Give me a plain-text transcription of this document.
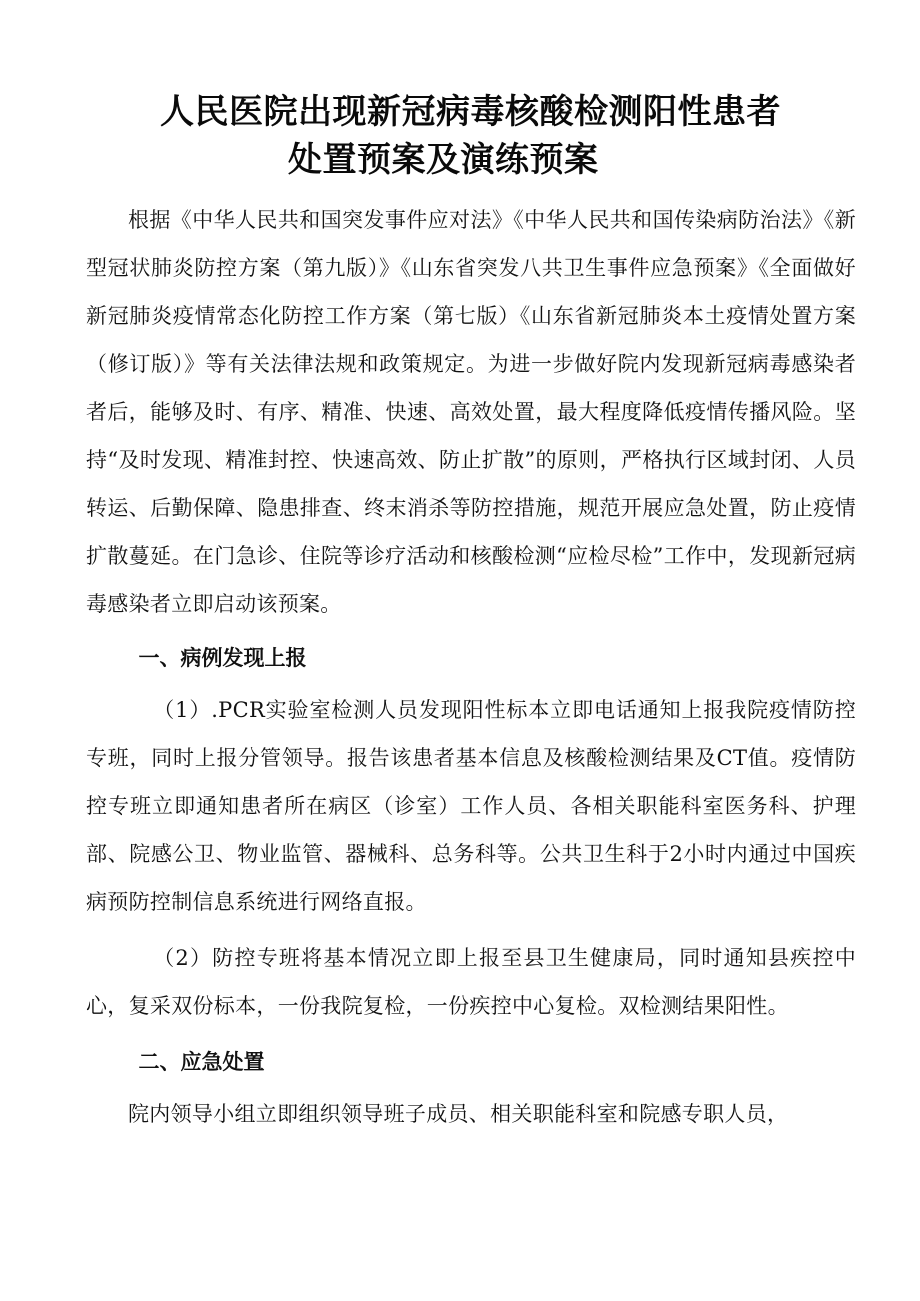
人民医院出现新冠病毒核酸检测阳性患者
处置预案及演练预案

根据《中华人民共和国突发事件应对法》《中华人民共和国传染病防治法》《新型冠状肺炎防控方案（第九版）》《山东省突发八共卫生事件应急预案》《全面做好新冠肺炎疫情常态化防控工作方案（第七版）《山东省新冠肺炎本土疫情处置方案（修订版）》等有关法律法规和政策规定。为进一步做好院内发现新冠病毒感染者者后，能够及时、有序、精准、快速、高效处置，最大程度降低疫情传播风险。坚持“及时发现、精准封控、快速高效、防止扩散”的原则，严格执行区域封闭、人员转运、后勤保障、隐患排查、终末消杀等防控措施，规范开展应急处置，防止疫情扩散蔓延。在门急诊、住院等诊疗活动和核酸检测“应检尽检”工作中，发现新冠病毒感染者立即启动该预案。

一、病例发现上报

（1）.PCR实验室检测人员发现阳性标本立即电话通知上报我院疫情防控专班，同时上报分管领导。报告该患者基本信息及核酸检测结果及CT值。疫情防控专班立即通知患者所在病区（诊室）工作人员、各相关职能科室医务科、护理部、院感公卫、物业监管、器械科、总务科等。公共卫生科于2小时内通过中国疾病预防控制信息系统进行网络直报。

（2）防控专班将基本情况立即上报至县卫生健康局，同时通知县疾控中心，复采双份标本，一份我院复检，一份疾控中心复检。双检测结果阳性。

二、应急处置

院内领导小组立即组织领导班子成员、相关职能科室和院感专职人员，
